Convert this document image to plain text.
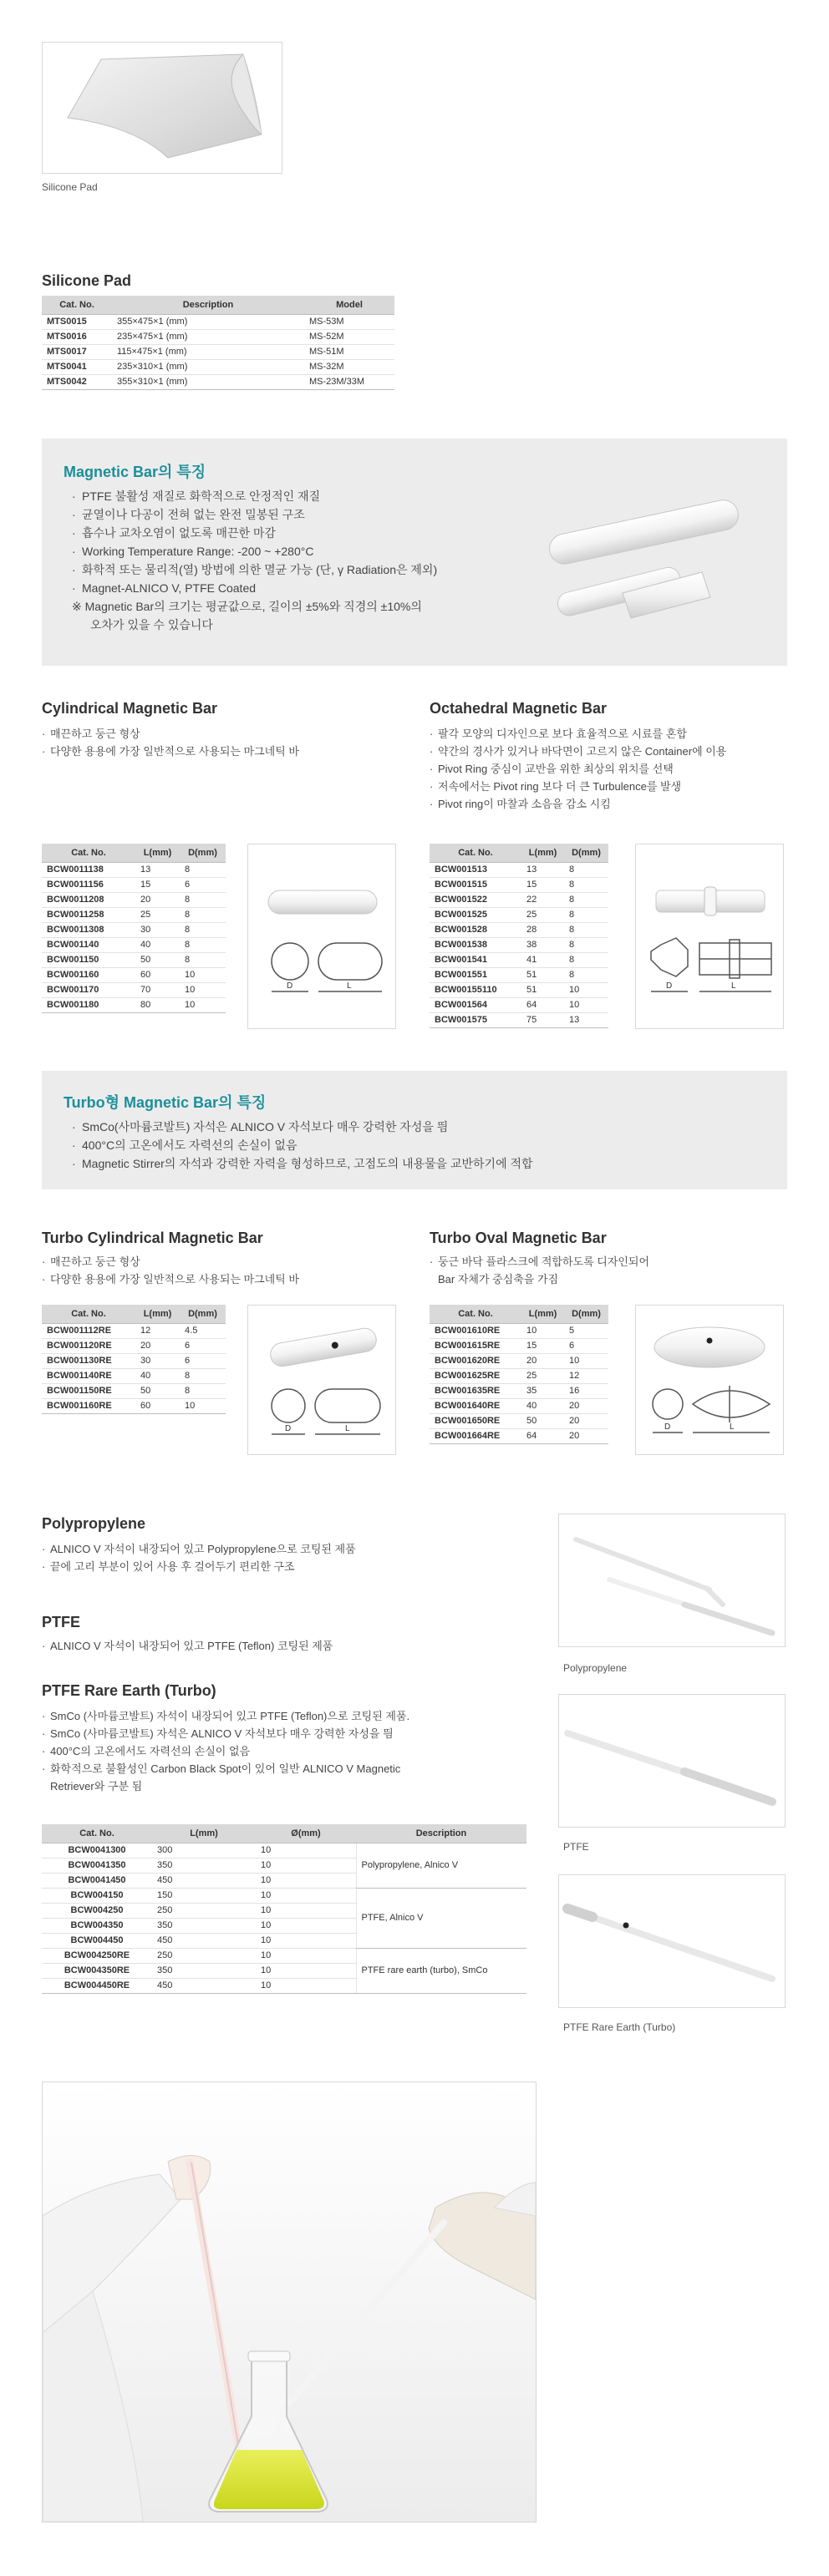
Silicone Pad
Silicone Pad
Cat. No.	Description	Model
MTS0015	355×475×1 (mm)	MS-53M
MTS0016	235×475×1 (mm)	MS-52M
MTS0017	115×475×1 (mm)	MS-51M
MTS0041	235×310×1 (mm)	MS-32M
MTS0042	355×310×1 (mm)	MS-23M/33M
Magnetic Bar의 특징
· PTFE 불활성 재질로 화학적으로 안정적인 재질
· 균열이나 다공이 전혀 없는 완전 밀봉된 구조
· 흡수나 교차오염이 없도록 매끈한 마감
· Working Temperature Range: -200 ~ +280°C
· 화학적 또는 물리적(열) 방법에 의한 멸균 가능 (단, γ Radiation은 제외)
· Magnet-ALNICO V, PTFE Coated
※ Magnetic Bar의 크기는 평균값으로, 길이의 ±5%와 직경의 ±10%의
오차가 있을 수 있습니다
Cylindrical Magnetic Bar
· 매끈하고 둥근 형상
· 다양한 용용에 가장 일반적으로 사용되는 마그네틱 바
Cat. No.	L(mm)	D(mm)
BCW0011138	13	8
BCW0011156	15	6
BCW0011208	20	8
BCW0011258	25	8
BCW0011308	30	8
BCW001140	40	8
BCW001150	50	8
BCW001160	60	10
BCW001170	70	10
BCW001180	80	10
D	L
Octahedral Magnetic Bar
· 팔각 모양의 디자인으로 보다 효율적으로 시료를 혼합
· 약간의 경사가 있거나 바닥면이 고르지 않은 Container에 이용
· Pivot Ring 중심이 교반을 위한 최상의 위치를 선택
· 저속에서는 Pivot ring 보다 더 큰 Turbulence를 발생
· Pivot ring이 마찰과 소음을 감소 시킴
Cat. No.	L(mm)	D(mm)
BCW001513	13	8
BCW001515	15	8
BCW001522	22	8
BCW001525	25	8
BCW001528	28	8
BCW001538	38	8
BCW001541	41	8
BCW001551	51	8
BCW00155110	51	10
BCW001564	64	10
BCW001575	75	13
D	L
Turbo형 Magnetic Bar의 특징
· SmCo(사마륨코발트) 자석은 ALNICO V 자석보다 매우 강력한 자성을 띔
· 400°C의 고온에서도 자력선의 손실이 없음
· Magnetic Stirrer의 자석과 강력한 자력을 형성하므로, 고점도의 내용물을 교반하기에 적합
Turbo Cylindrical Magnetic Bar
· 매끈하고 둥근 형상
· 다양한 용용에 가장 일반적으로 사용되는 마그네틱 바
Cat. No.	L(mm)	D(mm)
BCW001112RE	12	4.5
BCW001120RE	20	6
BCW001130RE	30	6
BCW001140RE	40	8
BCW001150RE	50	8
BCW001160RE	60	10
D	L
Turbo Oval Magnetic Bar
· 둥근 바닥 플라스크에 적합하도록 디자인되어
Bar 자체가 중심축을 가짐
Cat. No.	L(mm)	D(mm)
BCW001610RE	10	5
BCW001615RE	15	6
BCW001620RE	20	10
BCW001625RE	25	12
BCW001635RE	35	16
BCW001640RE	40	20
BCW001650RE	50	20
BCW001664RE	64	20
D	L
Polypropylene
· ALNICO V 자석이 내장되어 있고 Polypropylene으로 코팅된 제품
· 끝에 고리 부분이 있어 사용 후 걸어두기 편리한 구조
PTFE
· ALNICO V 자석이 내장되어 있고 PTFE (Teflon) 코팅된 제품
PTFE Rare Earth (Turbo)
· SmCo (사마륨코발트) 자석이 내장되어 있고 PTFE (Teflon)으로 코팅된 제품.
· SmCo (사마륨코발트) 자석은 ALNICO V 자석보다 매우 강력한 자성을 띔
· 400°C의 고온에서도 자력선의 손실이 없음
· 화학적으로 불활성인 Carbon Black Spot이 있어 일반 ALNICO V Magnetic
Retriever와 구분 됨
Cat. No.	L(mm)	Ø(mm)	Description
BCW0041300	300	10	Polypropylene, Alnico V
BCW0041350	350	10	
BCW0041450	450	10	
BCW004150	150	10	PTFE, Alnico V
BCW004250	250	10	
BCW004350	350	10	
BCW004450	450	10	
BCW004250RE	250	10	PTFE rare earth (turbo), SmCo
BCW004350RE	350	10	
BCW004450RE	450	10	
Polypropylene
PTFE
PTFE Rare Earth (Turbo)
